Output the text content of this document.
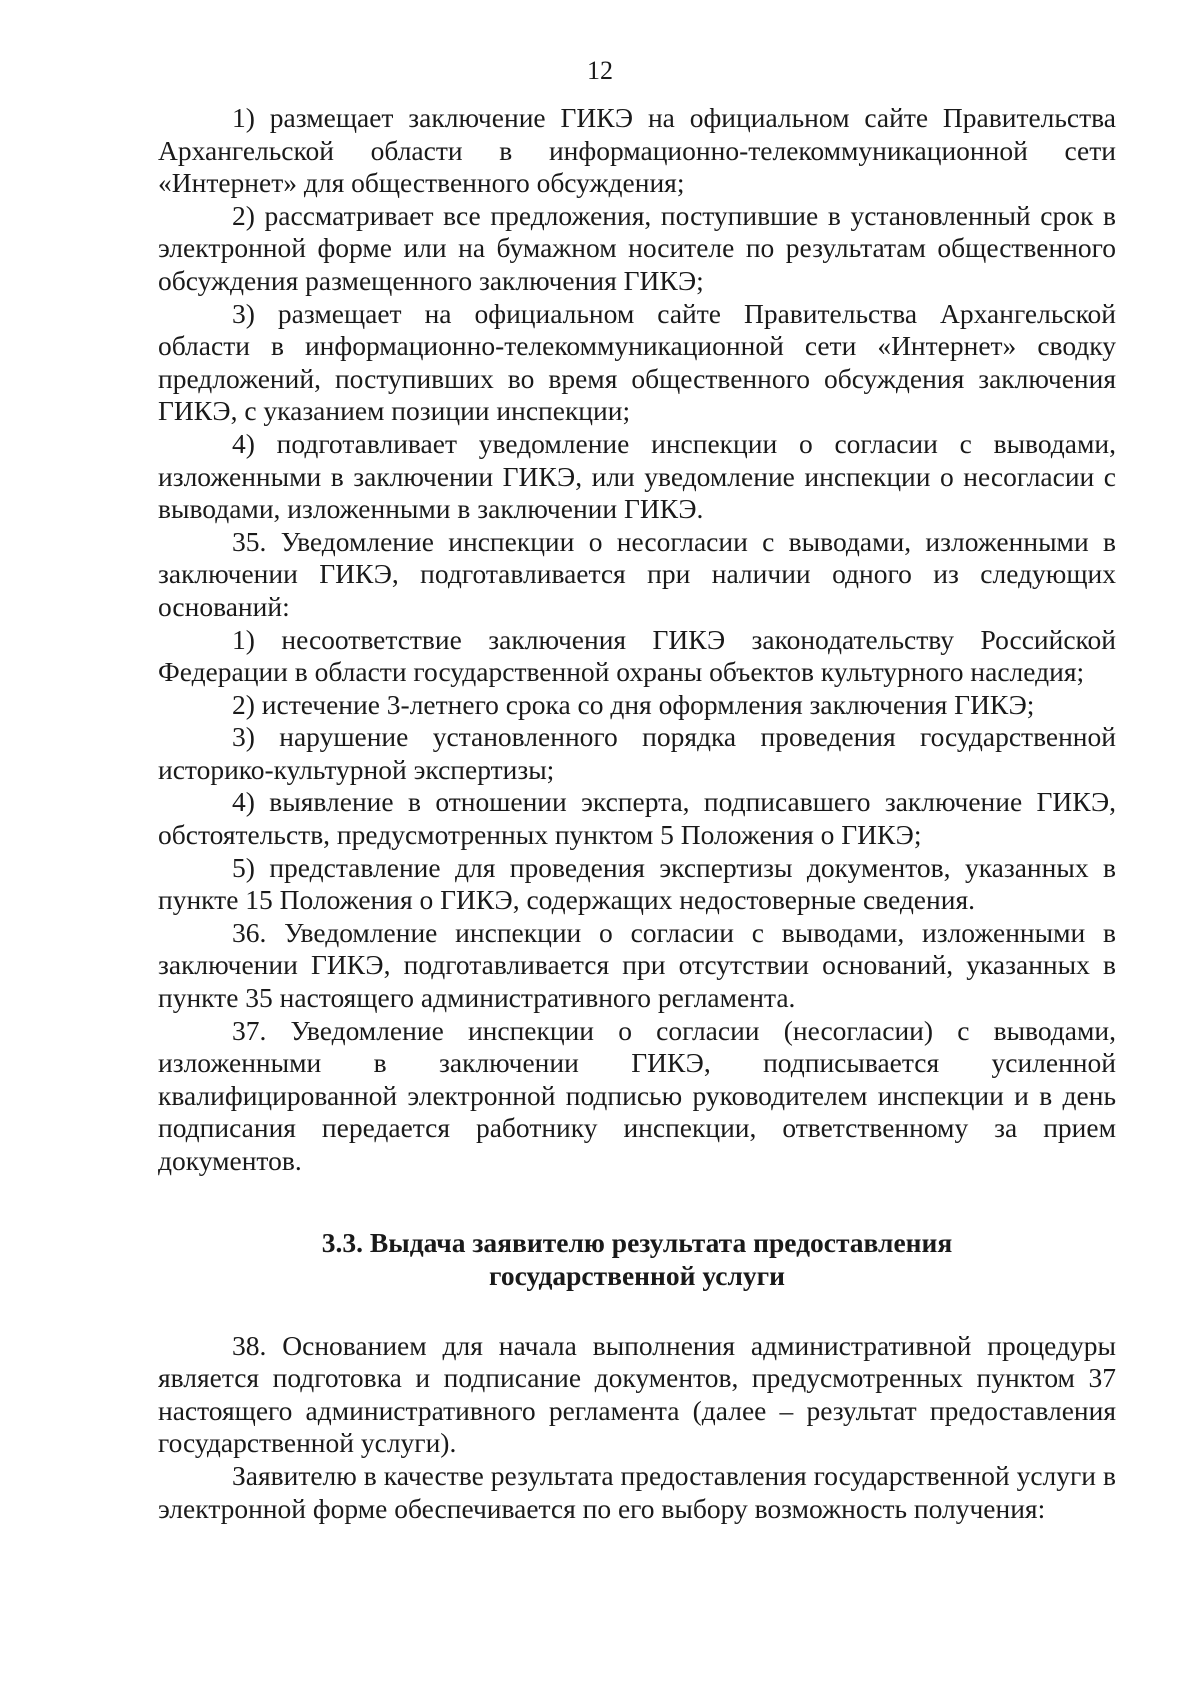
12

1) размещает заключение ГИКЭ на официальном сайте Правительства Архангельской области в информационно-телекоммуникационной сети «Интернет» для общественного обсуждения;

2) рассматривает все предложения, поступившие в установленный срок в электронной форме или на бумажном носителе по результатам общественного обсуждения размещенного заключения ГИКЭ;

3) размещает на официальном сайте Правительства Архангельской области в информационно-телекоммуникационной сети «Интернет» сводку предложений, поступивших во время общественного обсуждения заключения ГИКЭ, с указанием позиции инспекции;

4) подготавливает уведомление инспекции о согласии с выводами, изложенными в заключении ГИКЭ, или уведомление инспекции о несогласии с выводами, изложенными в заключении ГИКЭ.

35. Уведомление инспекции о несогласии с выводами, изложенными в заключении ГИКЭ, подготавливается при наличии одного из следующих оснований:

1) несоответствие заключения ГИКЭ законодательству Российской Федерации в области государственной охраны объектов культурного наследия;

2) истечение 3-летнего срока со дня оформления заключения ГИКЭ;

3) нарушение установленного порядка проведения государственной историко-культурной экспертизы;

4) выявление в отношении эксперта, подписавшего заключение ГИКЭ, обстоятельств, предусмотренных пунктом 5 Положения о ГИКЭ;

5) представление для проведения экспертизы документов, указанных в пункте 15 Положения о ГИКЭ, содержащих недостоверные сведения.

36. Уведомление инспекции о согласии с выводами, изложенными в заключении ГИКЭ, подготавливается при отсутствии оснований, указанных в пункте 35 настоящего административного регламента.

37. Уведомление инспекции о согласии (несогласии) с выводами, изложенными в заключении ГИКЭ, подписывается усиленной квалифицированной электронной подписью руководителем инспекции и в день подписания передается работнику инспекции, ответственному за прием документов.

3.3. Выдача заявителю результата предоставления
государственной услуги

38. Основанием для начала выполнения административной процедуры является подготовка и подписание документов, предусмотренных пунктом 37 настоящего административного регламента (далее – результат предоставления государственной услуги).

Заявителю в качестве результата предоставления государственной услуги в электронной форме обеспечивается по его выбору возможность получения:
